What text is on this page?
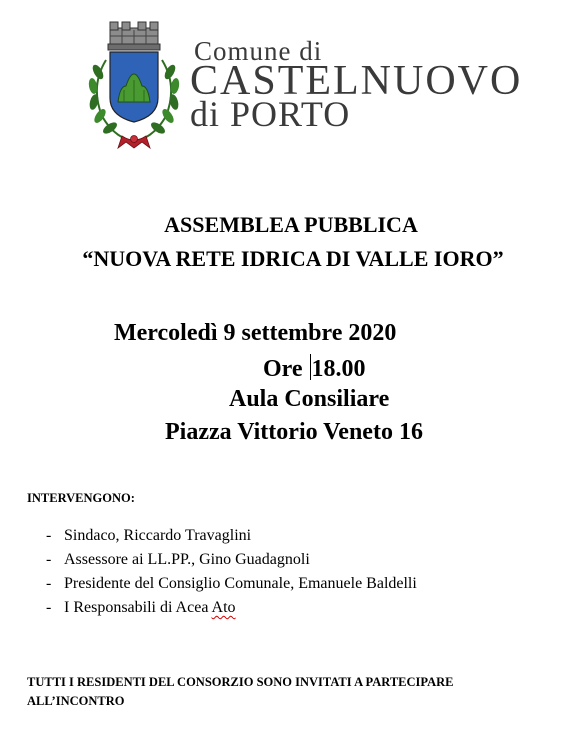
Comune di
CASTELNUOVO
di PORTO
ASSEMBLEA PUBBLICA
“NUOVA RETE IDRICA DI VALLE IORO”
Mercoledì 9 settembre 2020
Ore 18.00
Aula Consiliare
Piazza Vittorio Veneto 16
INTERVENGONO:
- Sindaco, Riccardo Travaglini
- Assessore ai LL.PP., Gino Guadagnoli
- Presidente del Consiglio Comunale, Emanuele Baldelli
- I Responsabili di Acea Ato
TUTTI I RESIDENTI DEL CONSORZIO SONO INVITATI A PARTECIPARE ALL’INCONTRO
